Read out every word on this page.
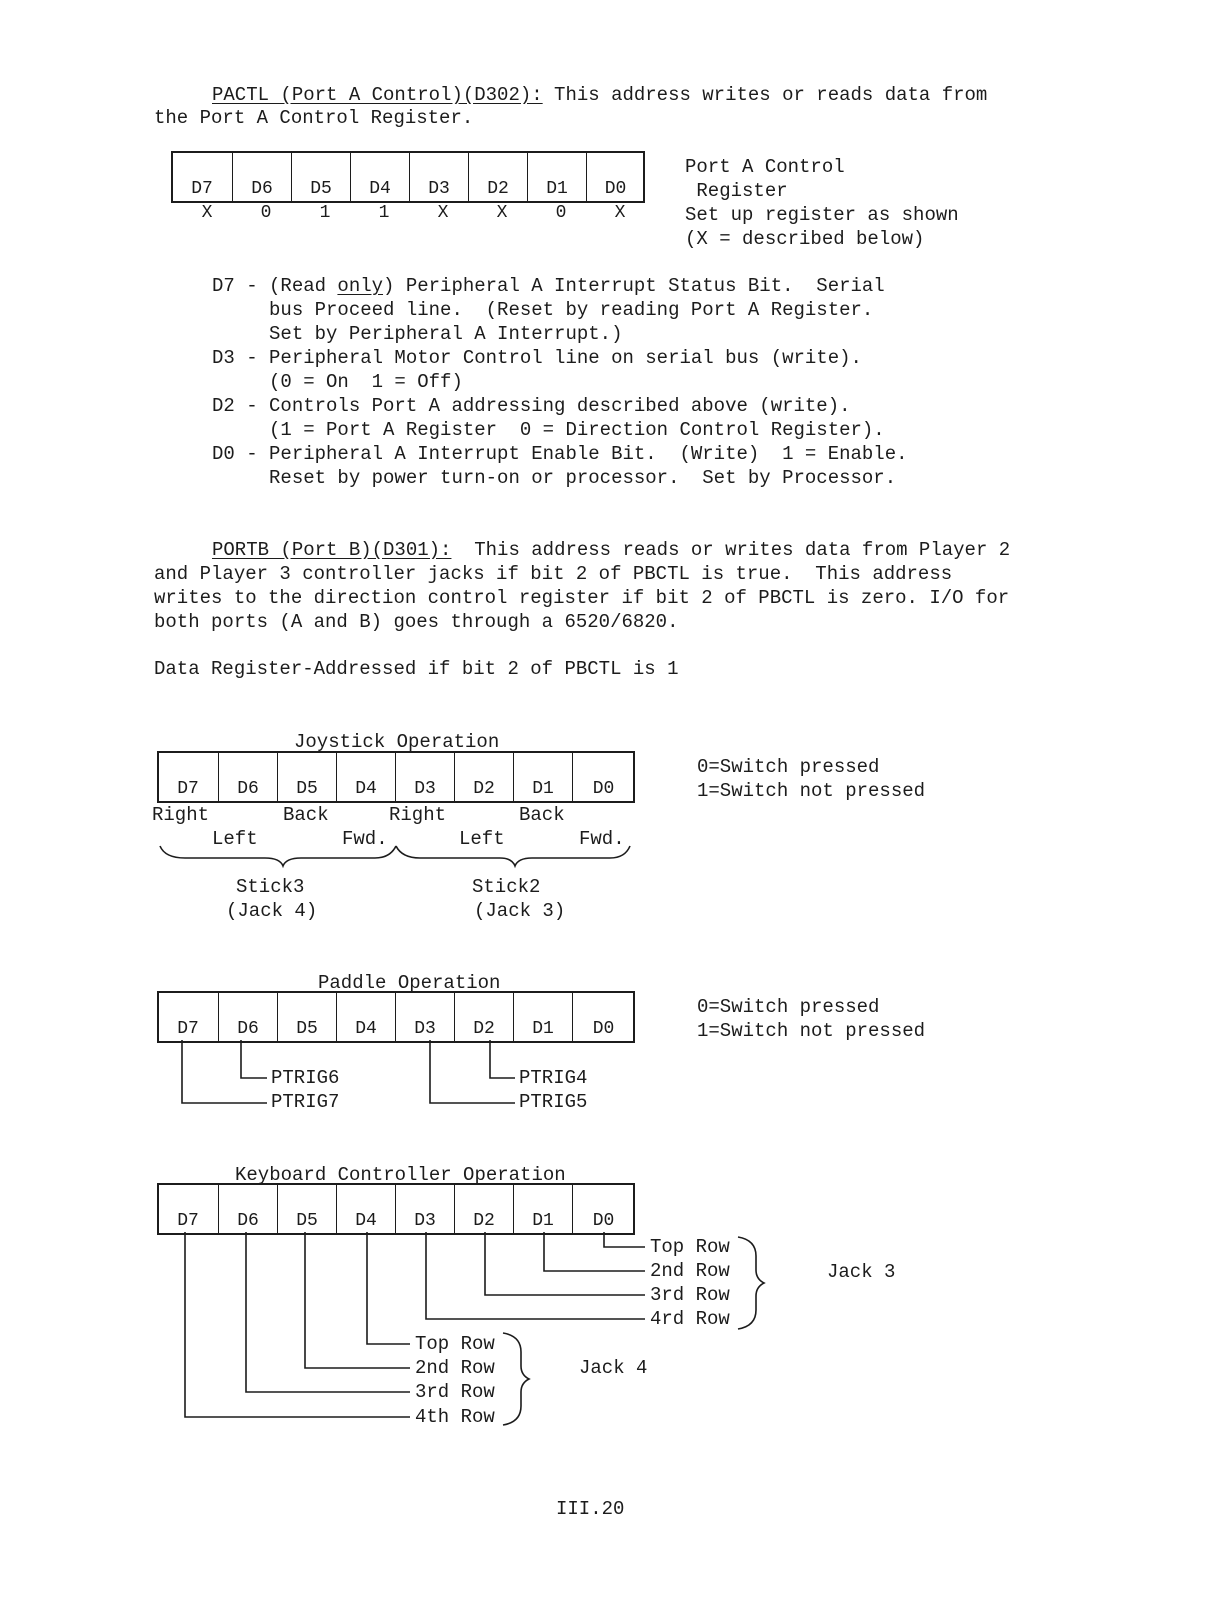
PACTL (Port A Control)(D302): This address writes or reads data from
the Port A Control Register.
D7	D6	D5	D4	D3	D2	D1	D0
X	0	1	1	X	X	0	X
Port A Control
Register
Set up register as shown
(X = described below)
D7 - (Read only) Peripheral A Interrupt Status Bit.  Serial
bus Proceed line.  (Reset by reading Port A Register.
Set by Peripheral A Interrupt.)
D3 - Peripheral Motor Control line on serial bus (write).
(0 = On  1 = Off)
D2 - Controls Port A addressing described above (write).
(1 = Port A Register  0 = Direction Control Register).
D0 - Peripheral A Interrupt Enable Bit.  (Write)  1 = Enable.
Reset by power turn-on or processor.  Set by Processor.
PORTB (Port B)(D301):  This address reads or writes data from Player 2
and Player 3 controller jacks if bit 2 of PBCTL is true.  This address
writes to the direction control register if bit 2 of PBCTL is zero. I/O for
both ports (A and B) goes through a 6520/6820.
Data Register-Addressed if bit 2 of PBCTL is 1
Joystick Operation
D7	D6	D5	D4	D3	D2	D1	D0
Right	Back	Right	Back
Left	Fwd.	Left	Fwd.
Stick3
(Jack 4)
Stick2
(Jack 3)
0=Switch pressed
1=Switch not pressed
Paddle Operation
D7	D6	D5	D4	D3	D2	D1	D0
PTRIG6
PTRIG7
PTRIG4
PTRIG5
0=Switch pressed
1=Switch not pressed
Keyboard Controller Operation
D7	D6	D5	D4	D3	D2	D1	D0
Top Row
2nd Row
3rd Row
4rd Row
Jack 3
Top Row
2nd Row
3rd Row
4th Row
Jack 4
III.20
